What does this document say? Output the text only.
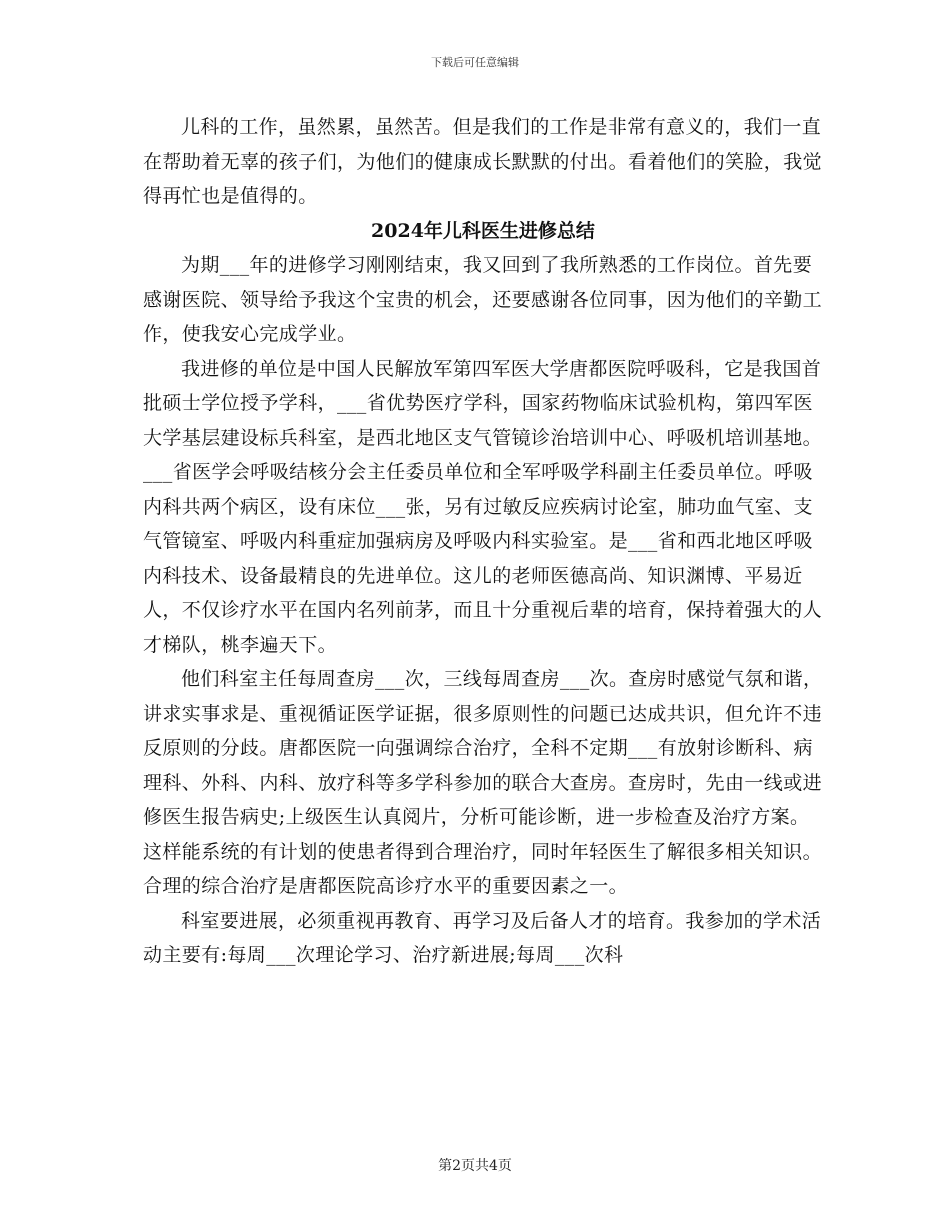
下载后可任意编辑

儿科的工作，虽然累，虽然苦。但是我们的工作是非常有意义的，我们一直在帮助着无辜的孩子们，为他们的健康成长默默的付出。看着他们的笑脸，我觉得再忙也是值得的。

2024年儿科医生进修总结

为期___年的进修学习刚刚结束，我又回到了我所熟悉的工作岗位。首先要感谢医院、领导给予我这个宝贵的机会，还要感谢各位同事，因为他们的辛勤工作，使我安心完成学业。

我进修的单位是中国人民解放军第四军医大学唐都医院呼吸科，它是我国首批硕士学位授予学科，___省优势医疗学科，国家药物临床试验机构，第四军医大学基层建设标兵科室，是西北地区支气管镜诊治培训中心、呼吸机培训基地。___省医学会呼吸结核分会主任委员单位和全军呼吸学科副主任委员单位。呼吸内科共两个病区，设有床位___张，另有过敏反应疾病讨论室，肺功血气室、支气管镜室、呼吸内科重症加强病房及呼吸内科实验室。是___省和西北地区呼吸内科技术、设备最精良的先进单位。这儿的老师医德高尚、知识渊博、平易近人，不仅诊疗水平在国内名列前茅，而且十分重视后辈的培育，保持着强大的人才梯队，桃李遍天下。

他们科室主任每周查房___次，三线每周查房___次。查房时感觉气氛和谐，讲求实事求是、重视循证医学证据，很多原则性的问题已达成共识，但允许不违反原则的分歧。唐都医院一向强调综合治疗，全科不定期___有放射诊断科、病理科、外科、内科、放疗科等多学科参加的联合大查房。查房时，先由一线或进修医生报告病史;上级医生认真阅片，分析可能诊断，进一步检查及治疗方案。这样能系统的有计划的使患者得到合理治疗，同时年轻医生了解很多相关知识。合理的综合治疗是唐都医院高诊疗水平的重要因素之一。

科室要进展，必须重视再教育、再学习及后备人才的培育。我参加的学术活动主要有:每周___次理论学习、治疗新进展;每周___次科

第2页共4页
